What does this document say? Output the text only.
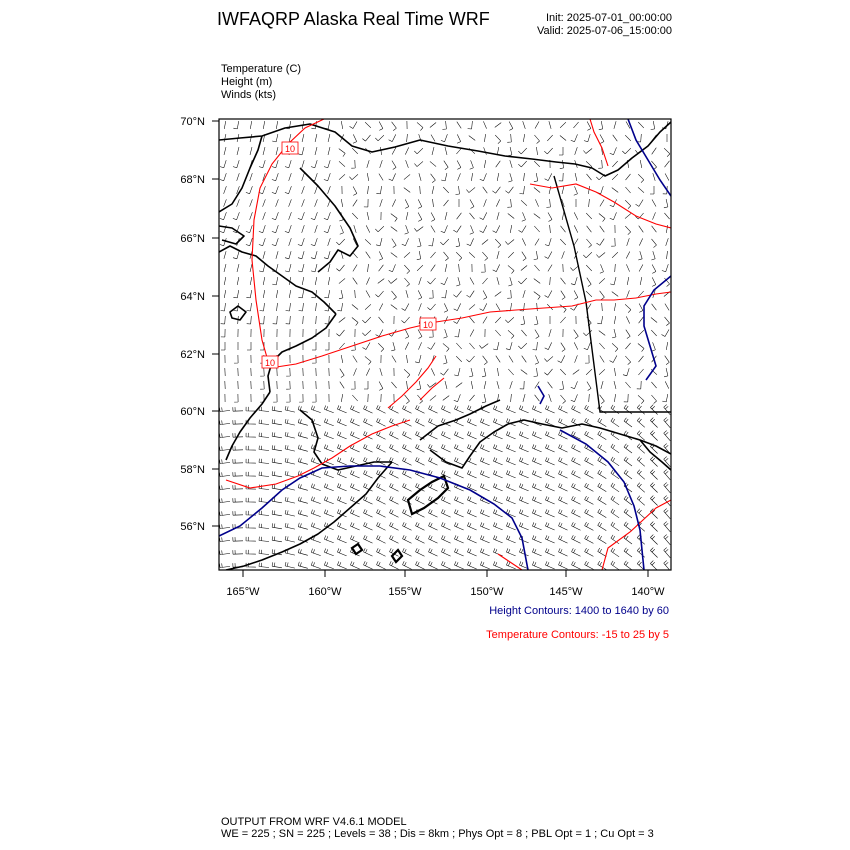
IWFAQRP Alaska Real Time WRF	Init: 2025-07-01_00:00:00
Valid: 2025-07-06_15:00:00
Temperature (C)
Height (m)
Winds (kts)
10
10
10
70°N
68°N
66°N
64°N
62°N
60°N
58°N
56°N
165°W	160°W	155°W	150°W	145°W	140°W
Height Contours: 1400 to 1640 by 60
Temperature Contours: -15 to 25 by 5
OUTPUT FROM WRF V4.6.1 MODEL
WE = 225 ; SN = 225 ; Levels = 38 ; Dis = 8km ; Phys Opt = 8 ; PBL Opt = 1 ; Cu Opt = 3
